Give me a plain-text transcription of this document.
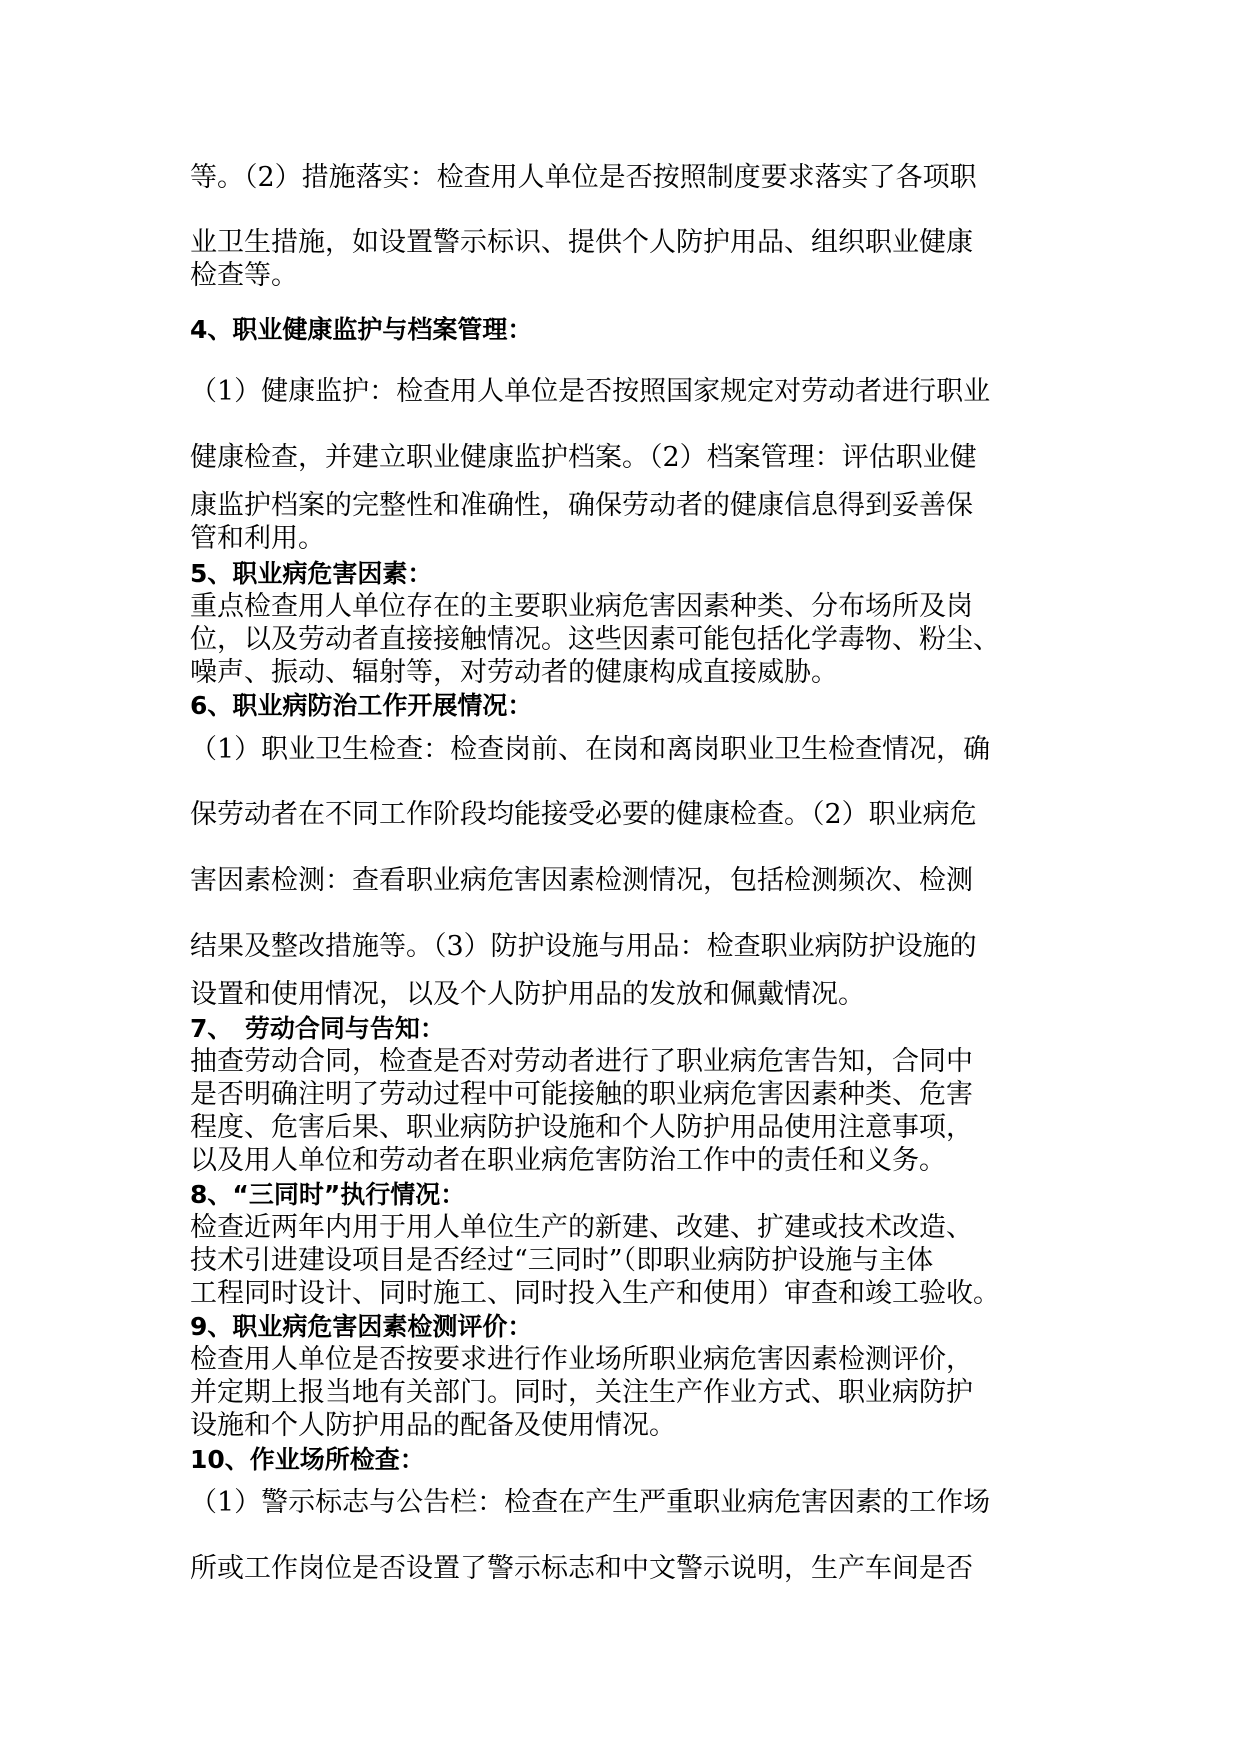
等。（2）措施落实：检查用人单位是否按照制度要求落实了各项职
业卫生措施，如设置警示标识、提供个人防护用品、组织职业健康
检查等。
4、职业健康监护与档案管理：
（1）健康监护：检查用人单位是否按照国家规定对劳动者进行职业
健康检查，并建立职业健康监护档案。（2）档案管理：评估职业健
康监护档案的完整性和准确性，确保劳动者的健康信息得到妥善保
管和利用。
5、职业病危害因素：
重点检查用人单位存在的主要职业病危害因素种类、分布场所及岗
位，以及劳动者直接接触情况。这些因素可能包括化学毒物、粉尘、
噪声、振动、辐射等，对劳动者的健康构成直接威胁。
6、职业病防治工作开展情况：
（1）职业卫生检查：检查岗前、在岗和离岗职业卫生检查情况，确
保劳动者在不同工作阶段均能接受必要的健康检查。（2）职业病危
害因素检测：查看职业病危害因素检测情况，包括检测频次、检测
结果及整改措施等。（3）防护设施与用品：检查职业病防护设施的
设置和使用情况，以及个人防护用品的发放和佩戴情况。
7、　劳动合同与告知：
抽查劳动合同，检查是否对劳动者进行了职业病危害告知，合同中
是否明确注明了劳动过程中可能接触的职业病危害因素种类、危害
程度、危害后果、职业病防护设施和个人防护用品使用注意事项，
以及用人单位和劳动者在职业病危害防治工作中的责任和义务。
8、“三同时”执行情况：
检查近两年内用于用人单位生产的新建、改建、扩建或技术改造、
技术引进建设项目是否经过“三同时”（即职业病防护设施与主体
工程同时设计、同时施工、同时投入生产和使用）审查和竣工验收。
9、职业病危害因素检测评价：
检查用人单位是否按要求进行作业场所职业病危害因素检测评价，
并定期上报当地有关部门。同时，关注生产作业方式、职业病防护
设施和个人防护用品的配备及使用情况。
10、作业场所检查：
（1）警示标志与公告栏：检查在产生严重职业病危害因素的工作场
所或工作岗位是否设置了警示标志和中文警示说明，生产车间是否
